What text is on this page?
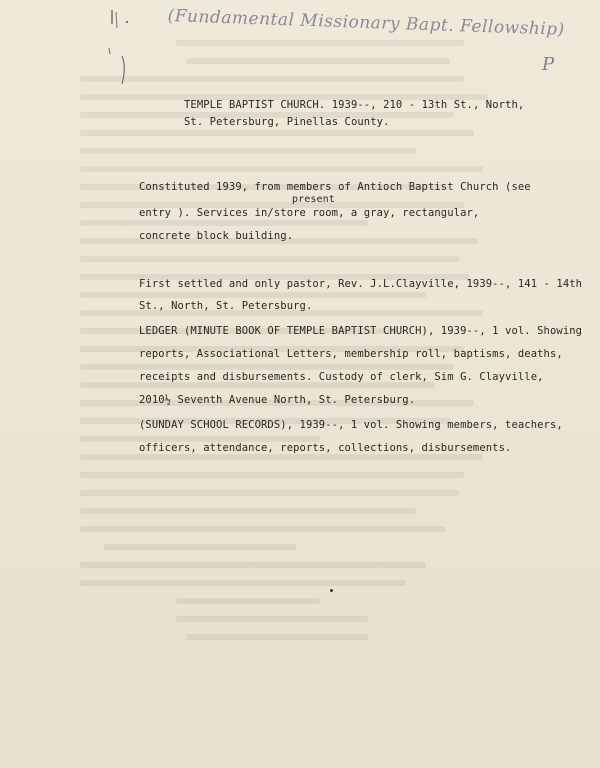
(Fundamental Missionary Bapt. Fellowship)
P
TEMPLE BAPTIST CHURCH. 1939--, 210 - 13th St., North,
St. Petersburg, Pinellas County.
Constituted 1939, from members of Antioch Baptist Church (see
present
entry ). Services in/store room, a gray, rectangular,
concrete block building.
First settled and only pastor, Rev. J.L.Clayville, 1939--, 141 - 14th
St., North, St. Petersburg.
LEDGER (MINUTE BOOK OF TEMPLE BAPTIST CHURCH), 1939--, 1 vol. Showing
reports, Associational Letters, membership roll, baptisms, deaths,
receipts and disbursements. Custody of clerk, Sim G. Clayville,
2010½ Seventh Avenue North, St. Petersburg.
(SUNDAY SCHOOL RECORDS), 1939--, 1 vol. Showing members, teachers,
officers, attendance, reports, collections, disbursements.
